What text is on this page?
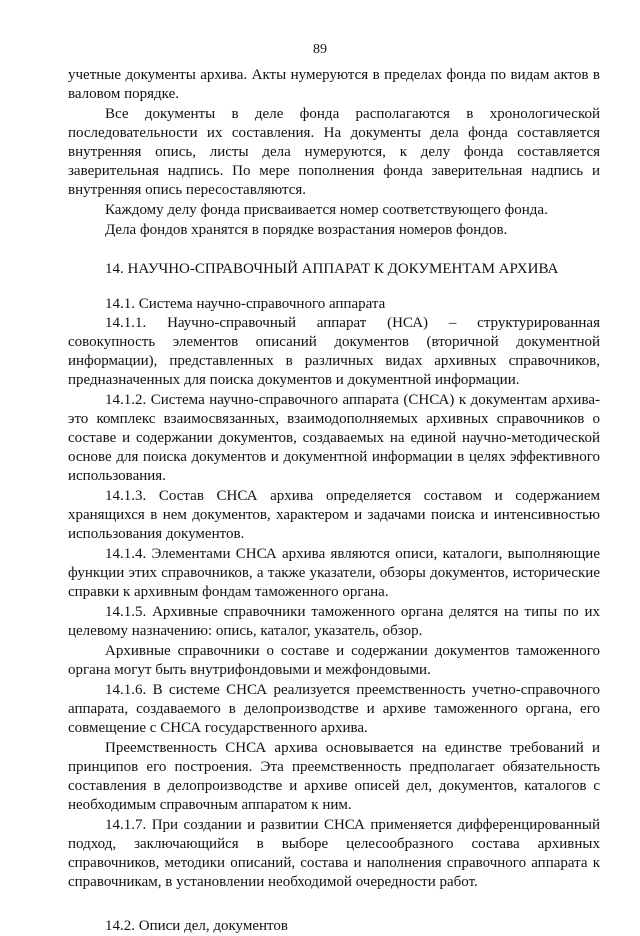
89
учетные документы архива. Акты нумеруются в пределах фонда по видам актов в
валовом порядке.
Все документы в деле фонда располагаются в хронологической
последовательности их составления. На документы дела фонда составляется
внутренняя опись, листы дела нумеруются, к делу фонда составляется
заверительная надпись. По мере пополнения фонда заверительная надпись и
внутренняя опись пересоставляются.
Каждому делу фонда присваивается номер соответствующего фонда.
Дела фондов хранятся в порядке возрастания номеров фондов.
14. НАУЧНО-СПРАВОЧНЫЙ АППАРАТ К ДОКУМЕНТАМ АРХИВА
14.1. Система научно-справочного аппарата
14.1.1. Научно-справочный аппарат (НСА) – структурированная
совокупность элементов описаний документов (вторичной документной
информации), представленных в различных видах архивных справочников,
предназначенных для поиска документов и документной информации.
14.1.2. Система научно-справочного аппарата (СНСА) к документам архива-
это комплекс взаимосвязанных, взаимодополняемых архивных справочников о
составе и содержании документов, создаваемых на единой научно-методической
основе для поиска документов и документной информации в целях эффективного
использования.
14.1.3. Состав СНСА архива определяется составом и содержанием
хранящихся в нем документов, характером и задачами поиска и интенсивностью
использования документов.
14.1.4. Элементами СНСА архива являются описи, каталоги, выполняющие
функции этих справочников, а также указатели, обзоры документов, исторические
справки к архивным фондам таможенного органа.
14.1.5. Архивные справочники таможенного органа делятся на типы по их
целевому назначению: опись, каталог, указатель, обзор.
Архивные справочники о составе и содержании документов таможенного
органа могут быть внутрифондовыми и межфондовыми.
14.1.6. В системе СНСА реализуется преемственность учетно-справочного
аппарата, создаваемого в делопроизводстве и архиве таможенного органа, его
совмещение с СНСА государственного архива.
Преемственность СНСА архива основывается на единстве требований и
принципов его построения. Эта преемственность предполагает обязательность
составления в делопроизводстве и архиве описей дел, документов, каталогов с
необходимым справочным аппаратом к ним.
14.1.7. При создании и развитии СНСА применяется дифференцированный
подход, заключающийся в выборе целесообразного состава архивных
справочников, методики описаний, состава и наполнения справочного аппарата к
справочникам, в установлении необходимой очередности работ.
14.2. Описи дел, документов
